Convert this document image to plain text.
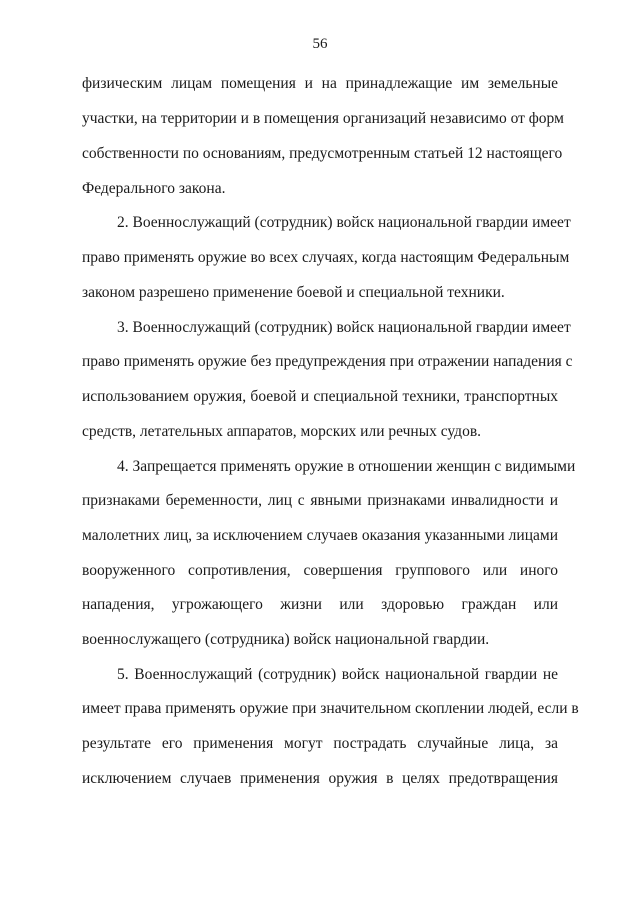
56
физическим лицам помещения и на принадлежащие им земельные
участки, на территории и в помещения организаций независимо от форм
собственности по основаниям, предусмотренным статьей 12 настоящего
Федерального закона.
2. Военнослужащий (сотрудник) войск национальной гвардии имеет
право применять оружие во всех случаях, когда настоящим Федеральным
законом разрешено применение боевой и специальной техники.
3. Военнослужащий (сотрудник) войск национальной гвардии имеет
право применять оружие без предупреждения при отражении нападения с
использованием оружия, боевой и специальной техники, транспортных
средств, летательных аппаратов, морских или речных судов.
4. Запрещается применять оружие в отношении женщин с видимыми
признаками беременности, лиц с явными признаками инвалидности и
малолетних лиц, за исключением случаев оказания указанными лицами
вооруженного сопротивления, совершения группового или иного
нападения, угрожающего жизни или здоровью граждан или
военнослужащего (сотрудника) войск национальной гвардии.
5. Военнослужащий (сотрудник) войск национальной гвардии не
имеет права применять оружие при значительном скоплении людей, если в
результате его применения могут пострадать случайные лица, за
исключением случаев применения оружия в целях предотвращения
